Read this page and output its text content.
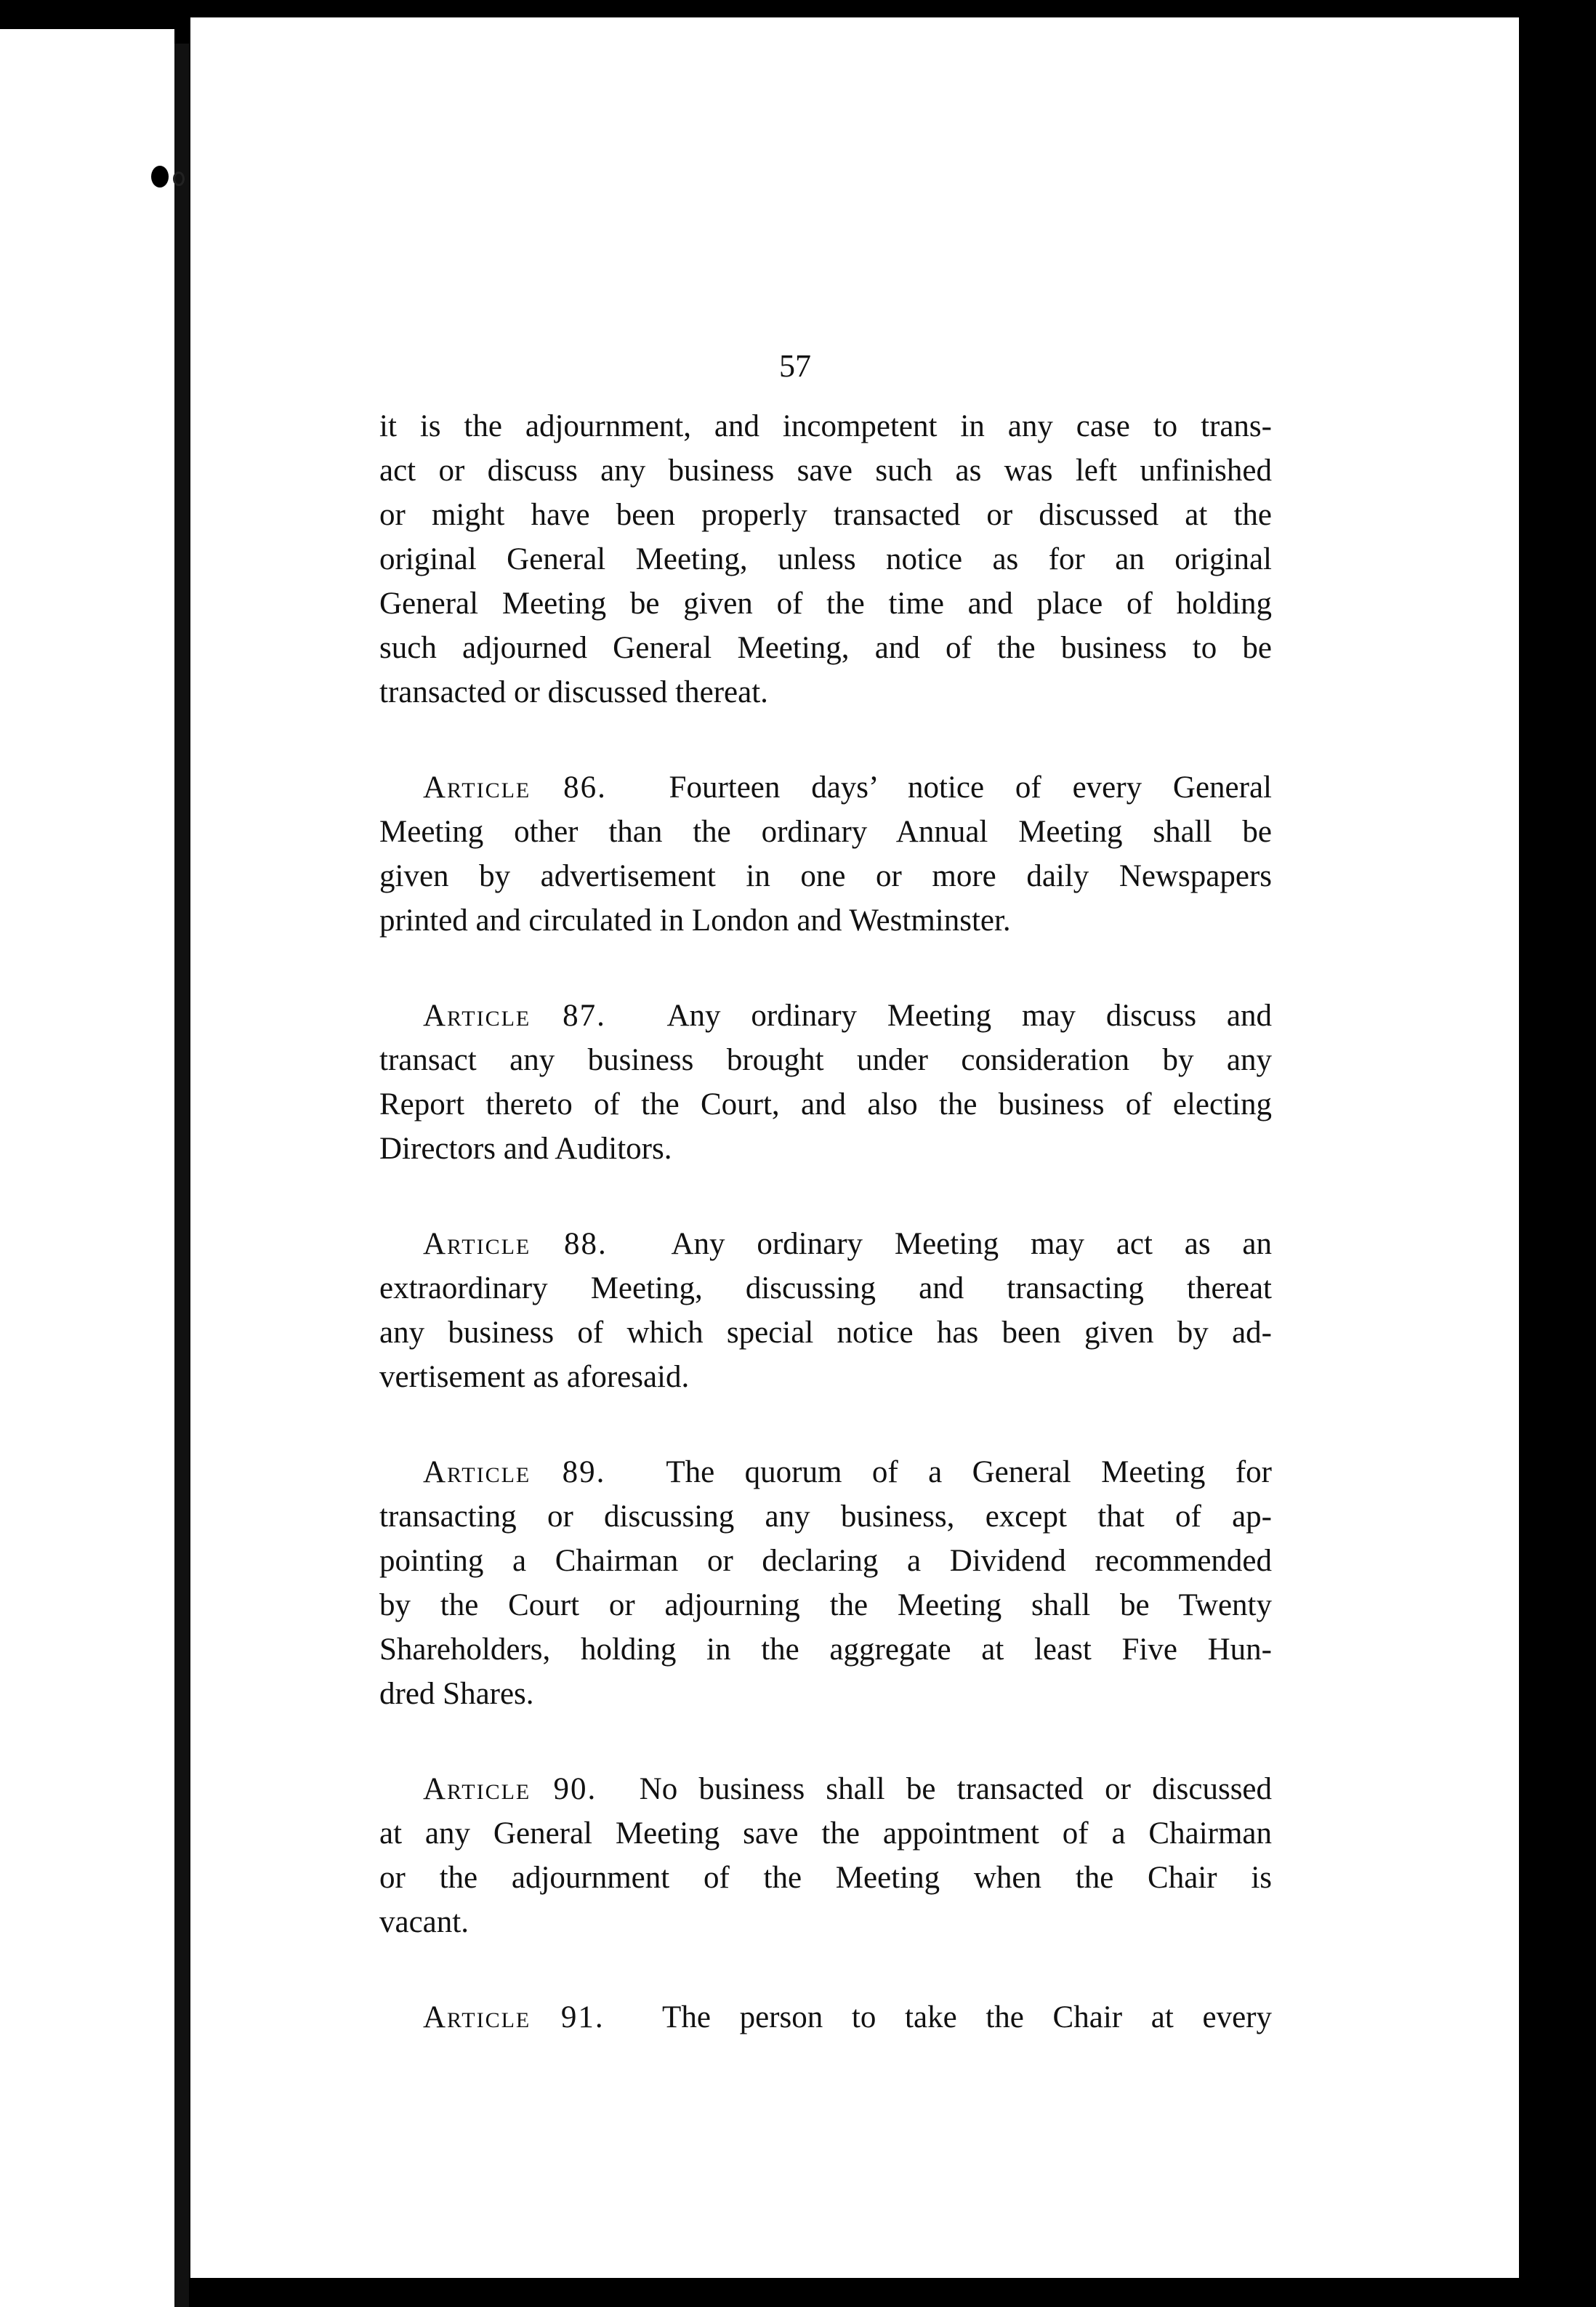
57
it is the adjournment, and incompetent in any case to trans-
act or discuss any business save such as was left unfinished
or might have been properly transacted or discussed at the
original General Meeting, unless notice as for an original
General Meeting be given of the time and place of holding
such adjourned General Meeting, and of the business to be
transacted or discussed thereat.
Article 86. Fourteen days’ notice of every General
Meeting other than the ordinary Annual Meeting shall be
given by advertisement in one or more daily Newspapers
printed and circulated in London and Westminster.
Article 87. Any ordinary Meeting may discuss and
transact any business brought under consideration by any
Report thereto of the Court, and also the business of electing
Directors and Auditors.
Article 88. Any ordinary Meeting may act as an
extraordinary Meeting, discussing and transacting thereat
any business of which special notice has been given by ad-
vertisement as aforesaid.
Article 89. The quorum of a General Meeting for
transacting or discussing any business, except that of ap-
pointing a Chairman or declaring a Dividend recommended
by the Court or adjourning the Meeting shall be Twenty
Shareholders, holding in the aggregate at least Five Hun-
dred Shares.
Article 90. No business shall be transacted or discussed
at any General Meeting save the appointment of a Chairman
or the adjournment of the Meeting when the Chair is
vacant.
Article 91. The person to take the Chair at every
